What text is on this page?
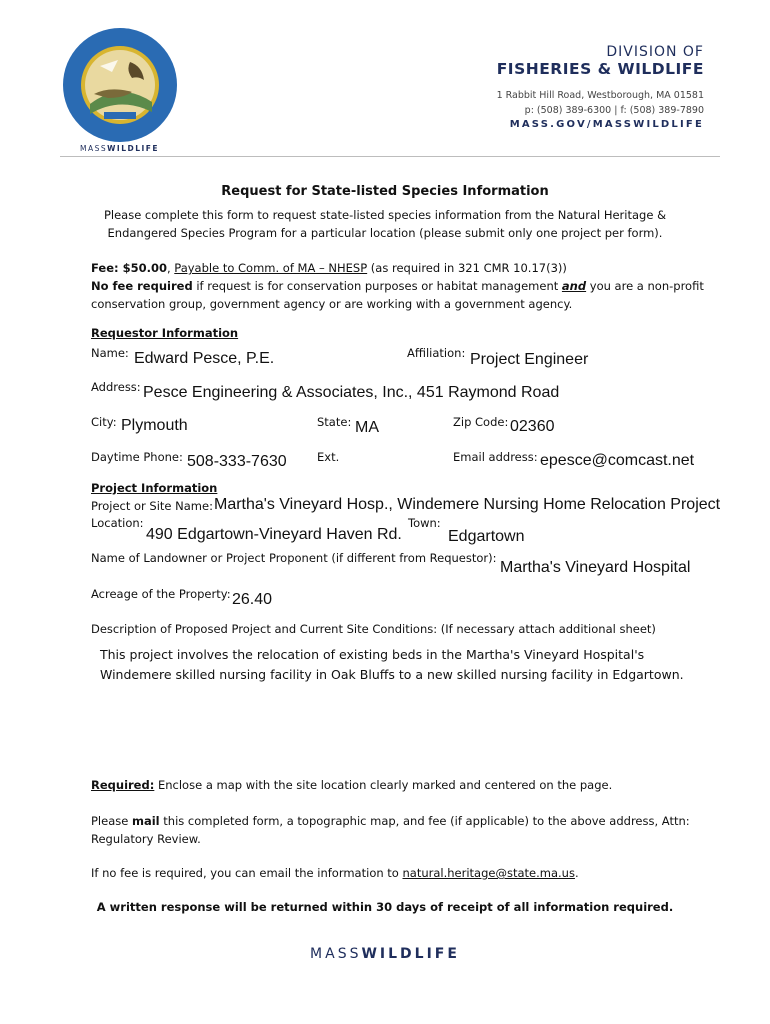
MASSWILDLIFE
DIVISION OF
FISHERIES & WILDLIFE
1 Rabbit Hill Road, Westborough, MA 01581
p: (508) 389-6300 | f: (508) 389-7890
MASS.GOV/MASSWILDLIFE
Request for State-listed Species Information
Please complete this form to request state-listed species information from the Natural Heritage &
Endangered Species Program for a particular location (please submit only one project per form).
Fee: $50.00, Payable to Comm. of MA – NHESP (as required in 321 CMR 10.17(3))
No fee required if request is for conservation purposes or habitat management and you are a non-profit
conservation group, government agency or are working with a government agency.
Requestor Information
Name: Edward Pesce, P.E.	Affiliation: Project Engineer
Address: Pesce Engineering & Associates, Inc., 451 Raymond Road
City: Plymouth	State: MA	Zip Code: 02360
Daytime Phone: 508-333-7630	Ext.	Email address: epesce@comcast.net
Project Information
Project or Site Name: Martha's Vineyard Hosp., Windemere Nursing Home Relocation Project
Location:
490 Edgartown-Vineyard Haven Rd.
Town:
Edgartown
Name of Landowner or Project Proponent (if different from Requestor):
Martha's Vineyard Hospital
Acreage of the Property: 26.40
Description of Proposed Project and Current Site Conditions: (If necessary attach additional sheet)
This project involves the relocation of existing beds in the Martha's Vineyard Hospital's
Windemere skilled nursing facility in Oak Bluffs to a new skilled nursing facility in Edgartown.
Required: Enclose a map with the site location clearly marked and centered on the page.
Please mail this completed form, a topographic map, and fee (if applicable) to the above address, Attn:
Regulatory Review.
If no fee is required, you can email the information to natural.heritage@state.ma.us.
A written response will be returned within 30 days of receipt of all information required.
MASSWILDLIFE
